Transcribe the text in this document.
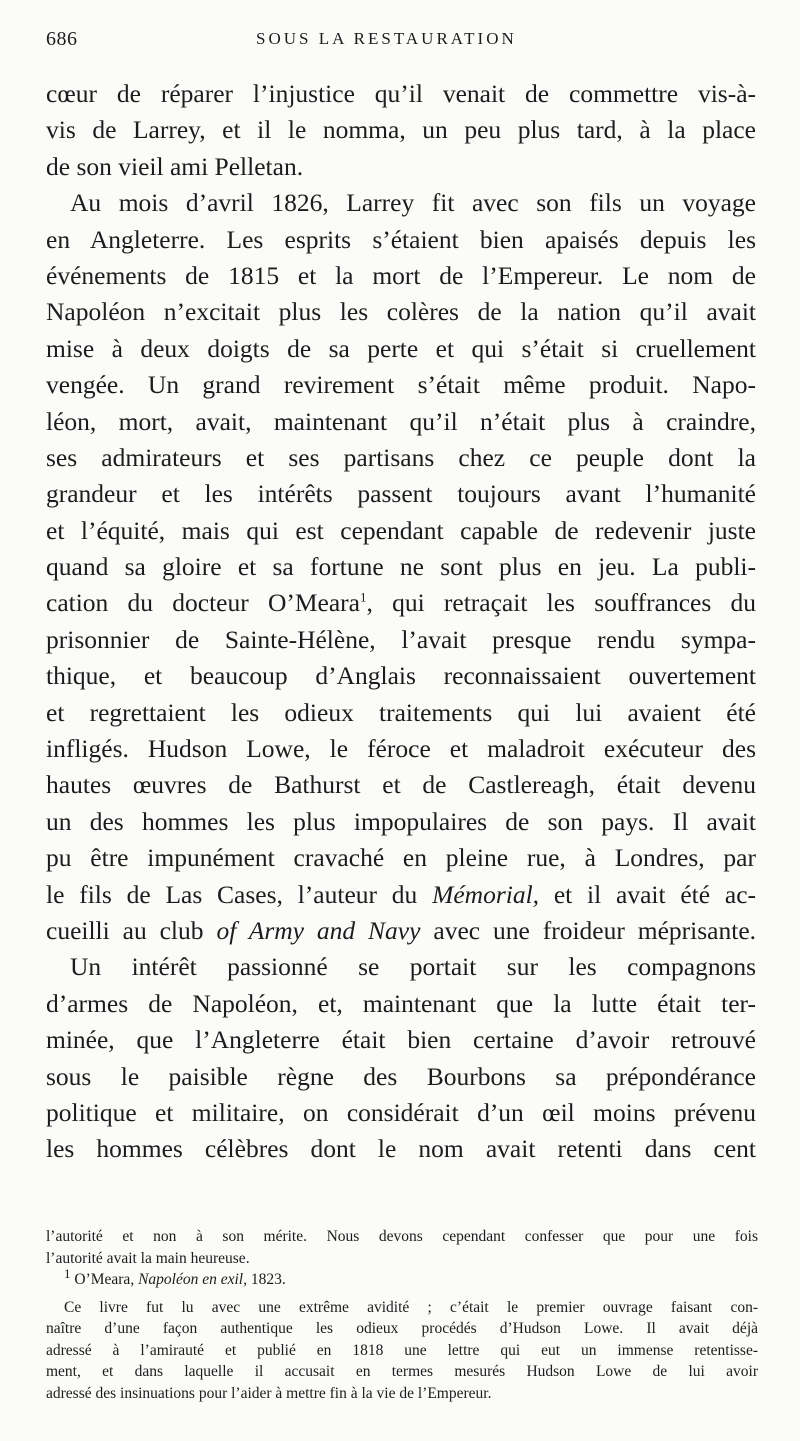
686	SOUS LA RESTAURATION
cœur de réparer l’injustice qu’il venait de commettre vis-à-
vis de Larrey, et il le nomma, un peu plus tard, à la place
de son vieil ami Pelletan.
Au mois d’avril 1826, Larrey fit avec son fils un voyage
en Angleterre. Les esprits s’étaient bien apaisés depuis les
événements de 1815 et la mort de l’Empereur. Le nom de
Napoléon n’excitait plus les colères de la nation qu’il avait
mise à deux doigts de sa perte et qui s’était si cruellement
vengée. Un grand revirement s’était même produit. Napo-
léon, mort, avait, maintenant qu’il n’était plus à craindre,
ses admirateurs et ses partisans chez ce peuple dont la
grandeur et les intérêts passent toujours avant l’humanité
et l’équité, mais qui est cependant capable de redevenir juste
quand sa gloire et sa fortune ne sont plus en jeu. La publi-
cation du docteur O’Meara$^1$, qui retraçait les souffrances du
prisonnier de Sainte-Hélène, l’avait presque rendu sympa-
thique, et beaucoup d’Anglais reconnaissaient ouvertement
et regrettaient les odieux traitements qui lui avaient été
infligés. Hudson Lowe, le féroce et maladroit exécuteur des
hautes œuvres de Bathurst et de Castlereagh, était devenu
un des hommes les plus impopulaires de son pays. Il avait
pu être impunément cravaché en pleine rue, à Londres, par
le fils de Las Cases, l’auteur du Mémorial, et il avait été ac-
cueilli au club of Army and Navy avec une froideur méprisante.
Un intérêt passionné se portait sur les compagnons
d’armes de Napoléon, et, maintenant que la lutte était ter-
minée, que l’Angleterre était bien certaine d’avoir retrouvé
sous le paisible règne des Bourbons sa prépondérance
politique et militaire, on considérait d’un œil moins prévenu
les hommes célèbres dont le nom avait retenti dans cent
l’autorité et non à son mérite. Nous devons cependant confesser que pour une fois
l’autorité avait la main heureuse.
$^1$ O’Meara, Napoléon en exil, 1823.
Ce livre fut lu avec une extrême avidité ; c’était le premier ouvrage faisant con-
naître d’une façon authentique les odieux procédés d’Hudson Lowe. Il avait déjà
adressé à l’amirauté et publié en 1818 une lettre qui eut un immense retentisse-
ment, et dans laquelle il accusait en termes mesurés Hudson Lowe de lui avoir
adressé des insinuations pour l’aider à mettre fin à la vie de l’Empereur.
